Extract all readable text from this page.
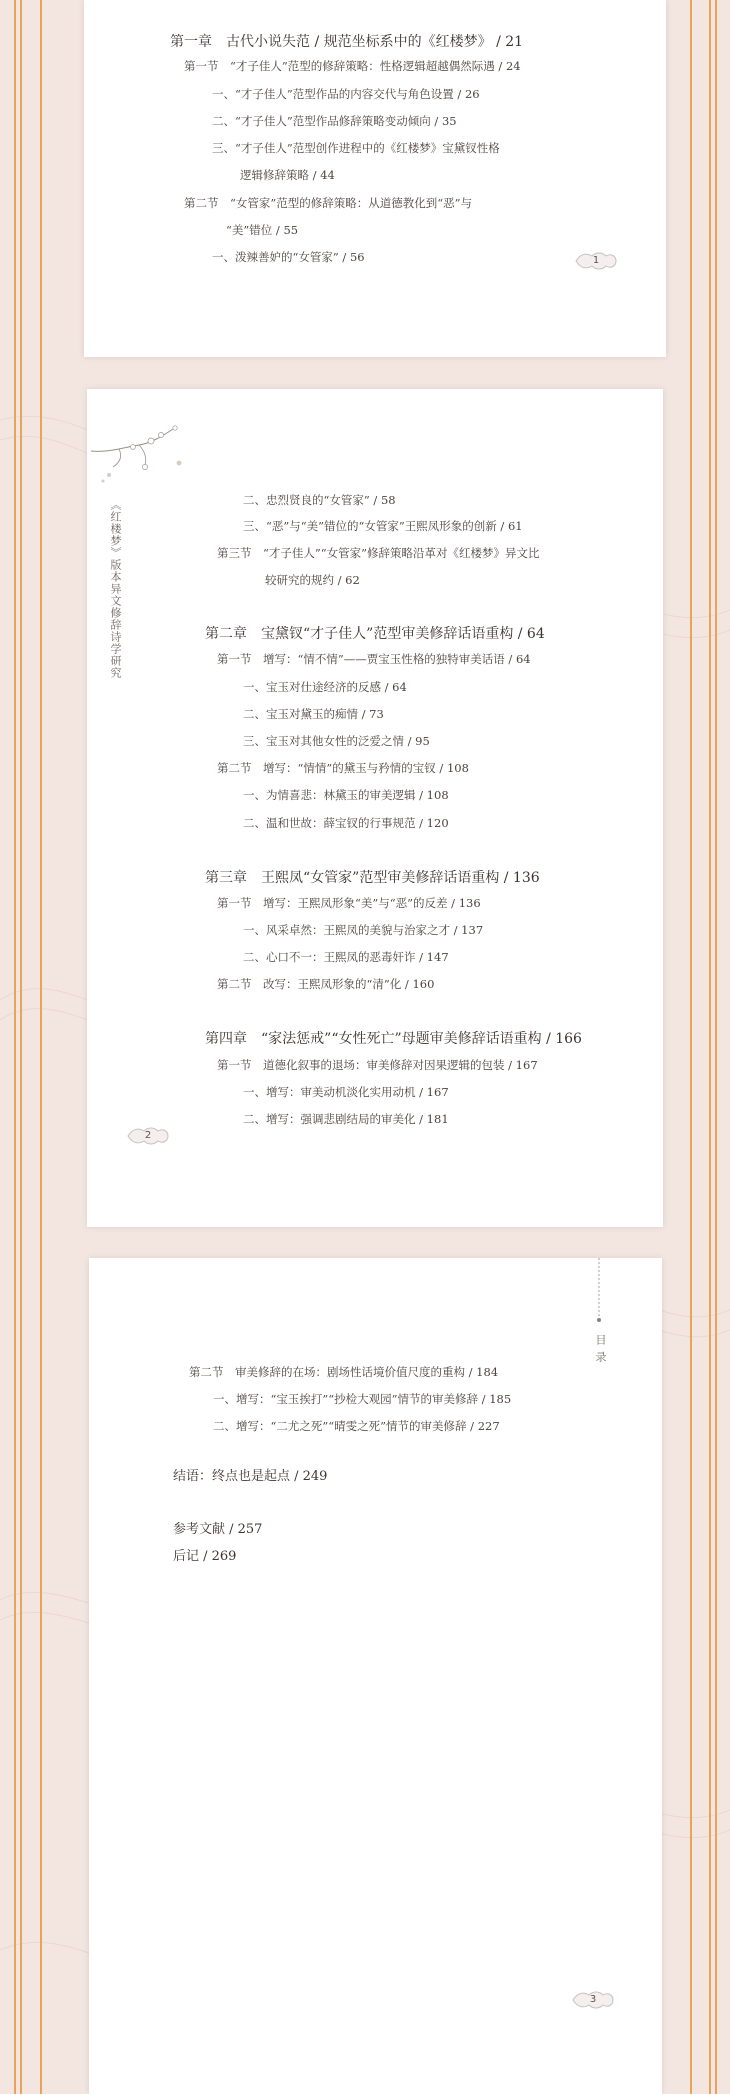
第一章　古代小说失范 / 规范坐标系中的《红楼梦》 / 21
第一节　“才子佳人”范型的修辞策略：性格逻辑超越偶然际遇 / 24
一、“才子佳人”范型作品的内容交代与角色设置 / 26
二、“才子佳人”范型作品修辞策略变动倾向 / 35
三、“才子佳人”范型创作进程中的《红楼梦》宝黛钗性格
逻辑修辞策略 / 44
第二节　“女管家”范型的修辞策略：从道德教化到“恶”与
“美”错位 / 55
一、泼辣善妒的“女管家” / 56	1
《红楼梦》版本异文修辞诗学研究	二、忠烈贤良的“女管家” / 58
三、“恶”与“美”错位的“女管家”王熙凤形象的创新 / 61
第三节　“才子佳人”“女管家”修辞策略沿革对《红楼梦》异文比
较研究的规约 / 62
第二章　宝黛钗“才子佳人”范型审美修辞话语重构 / 64
第一节　增写：“情不情”——贾宝玉性格的独特审美话语 / 64
一、宝玉对仕途经济的反感 / 64
二、宝玉对黛玉的痴情 / 73
三、宝玉对其他女性的泛爱之情 / 95
第二节　增写：“情情”的黛玉与矜情的宝钗 / 108
一、为情喜悲：林黛玉的审美逻辑 / 108
二、温和世故：薛宝钗的行事规范 / 120
第三章　王熙凤“女管家”范型审美修辞话语重构 / 136
第一节　增写：王熙凤形象“美”与“恶”的反差 / 136
一、风采卓然：王熙凤的美貌与治家之才 / 137
二、心口不一：王熙凤的恶毒奸诈 / 147
第二节　改写：王熙凤形象的“清”化 / 160
第四章　“家法惩戒”“女性死亡”母题审美修辞话语重构 / 166
第一节　道德化叙事的退场：审美修辞对因果逻辑的包装 / 167
一、增写：审美动机淡化实用动机 / 167
二、增写：强调悲剧结局的审美化 / 181
2
目录
第二节　审美修辞的在场：剧场性话境价值尺度的重构 / 184
一、增写：“宝玉挨打”“抄检大观园”情节的审美修辞 / 185
二、增写：“二尤之死”“晴雯之死”情节的审美修辞 / 227
结语：终点也是起点 / 249
参考文献 / 257
后记 / 269
3
